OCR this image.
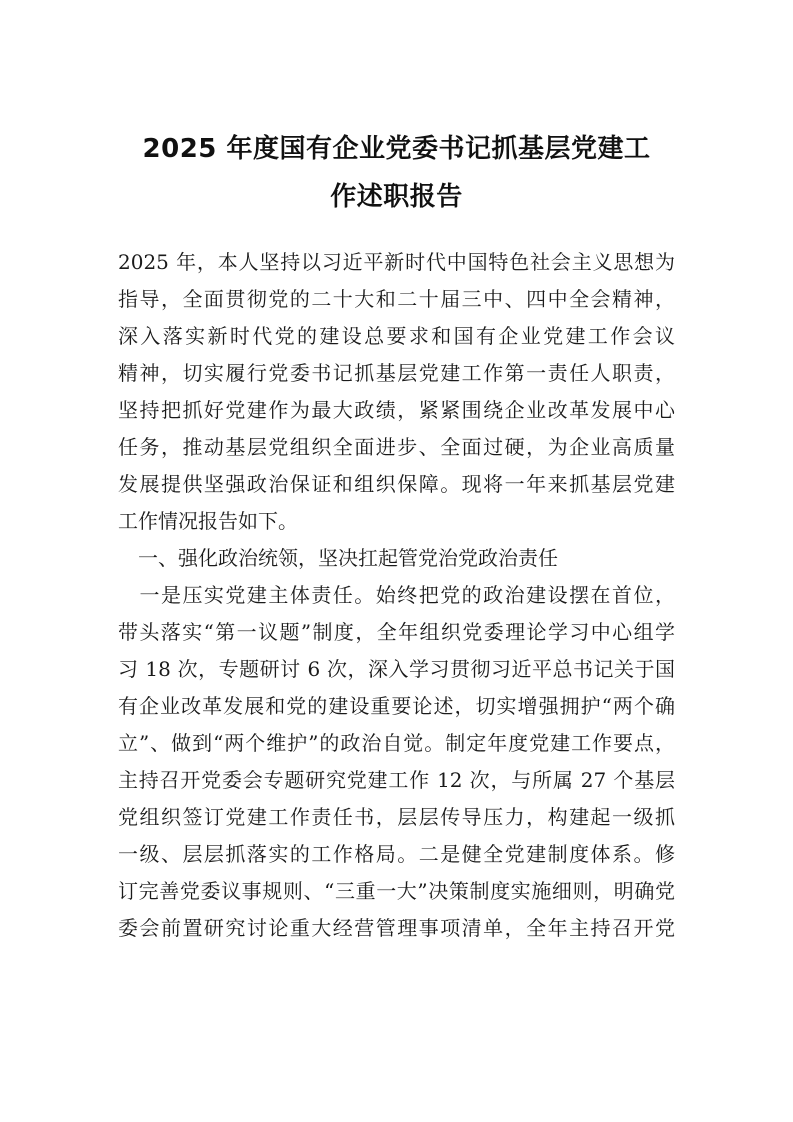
2025 年度国有企业党委书记抓基层党建工
作述职报告
2025 年，本人坚持以习近平新时代中国特色社会主义思想为
指导，全面贯彻党的二十大和二十届三中、四中全会精神，
深入落实新时代党的建设总要求和国有企业党建工作会议
精神，切实履行党委书记抓基层党建工作第一责任人职责，
坚持把抓好党建作为最大政绩，紧紧围绕企业改革发展中心
任务，推动基层党组织全面进步、全面过硬，为企业高质量
发展提供坚强政治保证和组织保障。现将一年来抓基层党建
工作情况报告如下。
　一、强化政治统领，坚决扛起管党治党政治责任
　一是压实党建主体责任。始终把党的政治建设摆在首位，
带头落实“第一议题”制度，全年组织党委理论学习中心组学
习 18 次，专题研讨 6 次，深入学习贯彻习近平总书记关于国
有企业改革发展和党的建设重要论述，切实增强拥护“两个确
立”、做到“两个维护”的政治自觉。制定年度党建工作要点，
主持召开党委会专题研究党建工作 12 次，与所属 27 个基层
党组织签订党建工作责任书，层层传导压力，构建起一级抓
一级、层层抓落实的工作格局。二是健全党建制度体系。修
订完善党委议事规则、“三重一大”决策制度实施细则，明确党
委会前置研究讨论重大经营管理事项清单，全年主持召开党
